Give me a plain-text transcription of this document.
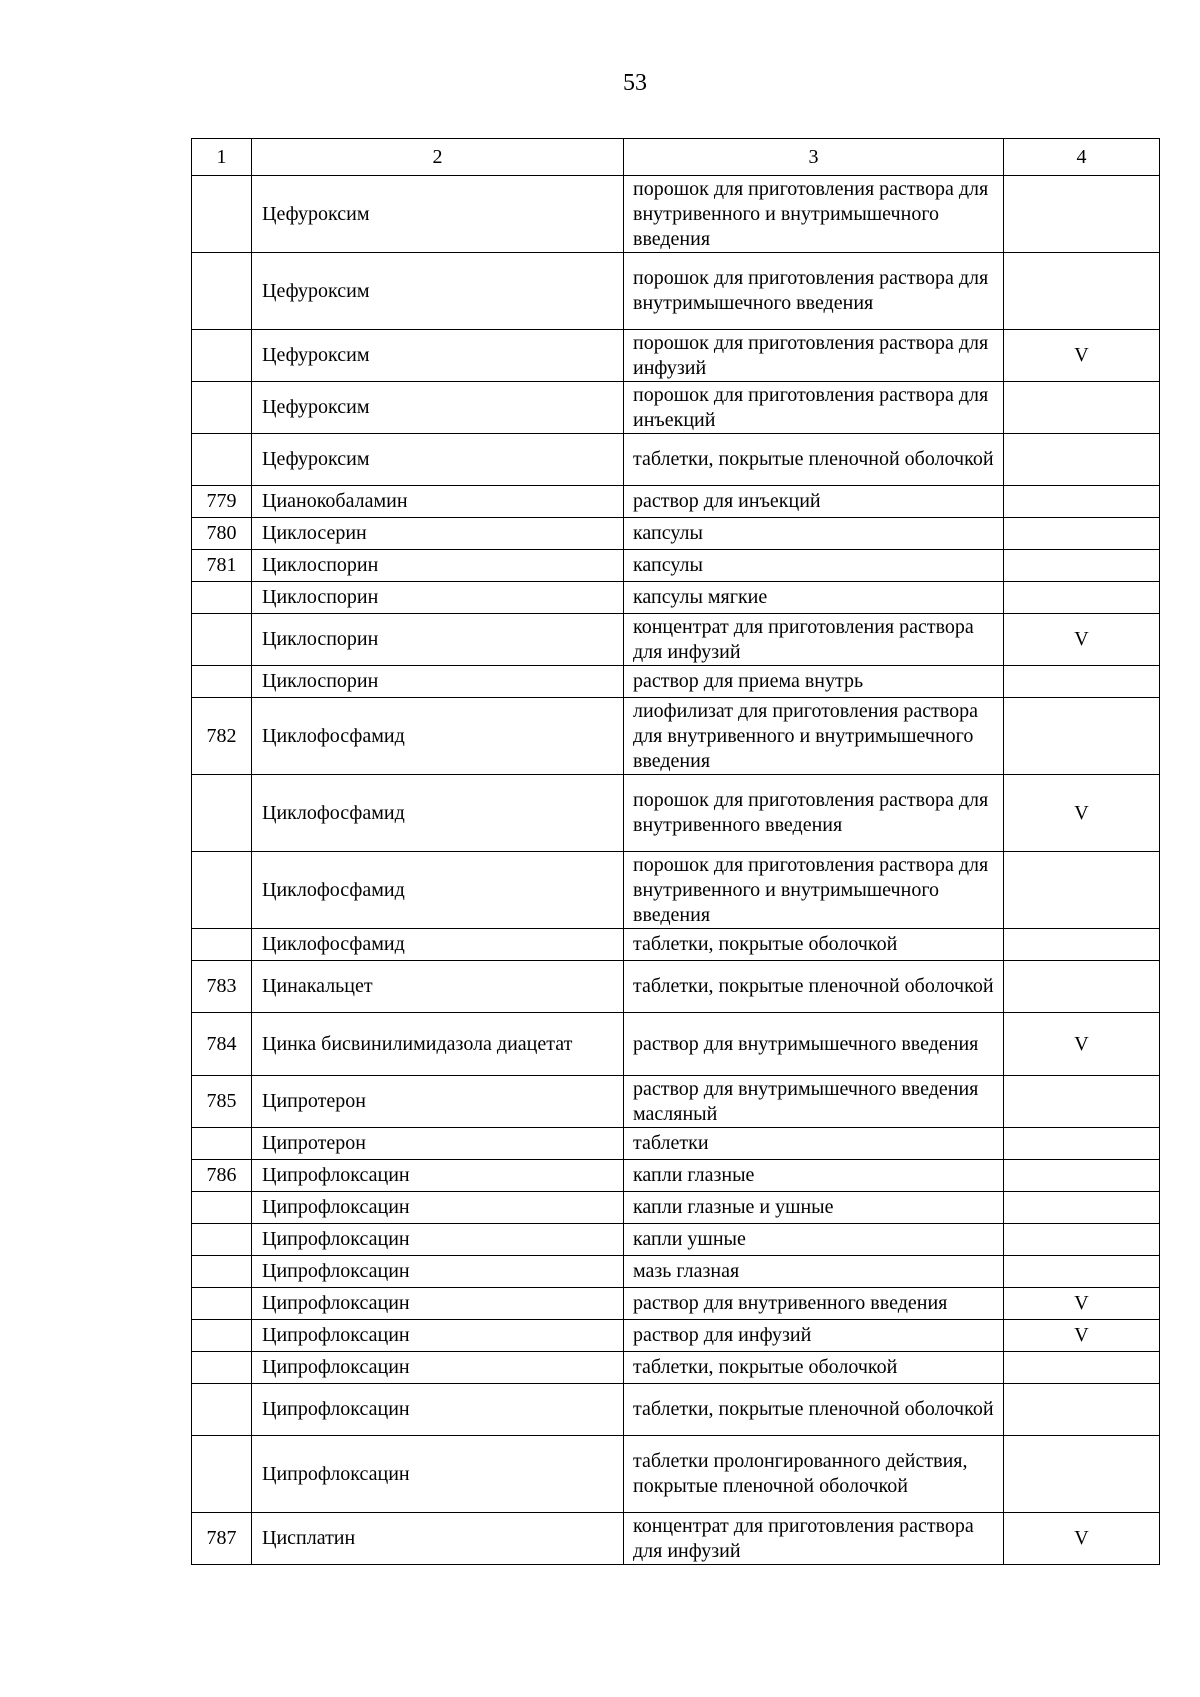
53
1	2	3	4
	Цефуроксим	порошок для приготовления раствора для внутривенного и внутримышечного введения	
	Цефуроксим	порошок для приготовления раствора для внутримышечного введения	
	Цефуроксим	порошок для приготовления раствора для инфузий	V
	Цефуроксим	порошок для приготовления раствора для инъекций	
	Цефуроксим	таблетки, покрытые пленочной оболочкой	
779	Цианокобаламин	раствор для инъекций	
780	Циклосерин	капсулы	
781	Циклоспорин	капсулы	
	Циклоспорин	капсулы мягкие	
	Циклоспорин	концентрат для приготовления раствора для инфузий	V
	Циклоспорин	раствор для приема внутрь	
782	Циклофосфамид	лиофилизат для приготовления раствора для внутривенного и внутримышечного введения	
	Циклофосфамид	порошок для приготовления раствора для внутривенного введения	V
	Циклофосфамид	порошок для приготовления раствора для внутривенного и внутримышечного введения	
	Циклофосфамид	таблетки, покрытые оболочкой	
783	Цинакальцет	таблетки, покрытые пленочной оболочкой	
784	Цинка бисвинилимидазола диацетат	раствор для внутримышечного введения	V
785	Ципротерон	раствор для внутримышечного введения масляный	
	Ципротерон	таблетки	
786	Ципрофлоксацин	капли глазные	
	Ципрофлоксацин	капли глазные и ушные	
	Ципрофлоксацин	капли ушные	
	Ципрофлоксацин	мазь глазная	
	Ципрофлоксацин	раствор для внутривенного введения	V
	Ципрофлоксацин	раствор для инфузий	V
	Ципрофлоксацин	таблетки, покрытые оболочкой	
	Ципрофлоксацин	таблетки, покрытые пленочной оболочкой	
	Ципрофлоксацин	таблетки пролонгированного действия, покрытые пленочной оболочкой	
787	Цисплатин	концентрат для приготовления раствора для инфузий	V
